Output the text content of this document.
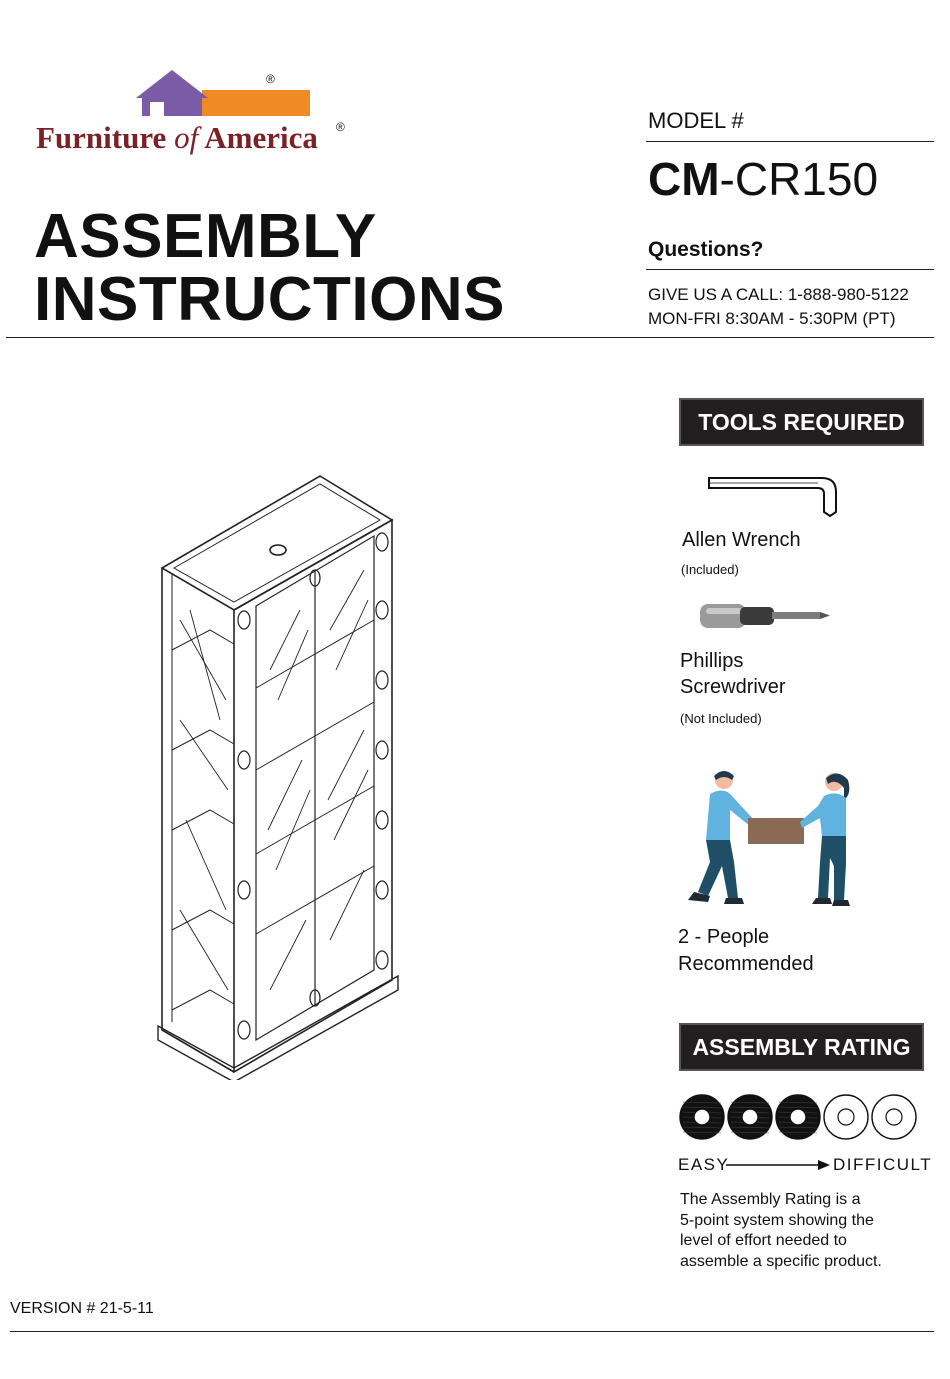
®
Furniture of America ®
ASSEMBLY
INSTRUCTIONS
MODEL #
CM-CR150
Questions?
GIVE US A CALL: 1-888-980-5122
MON-FRI 8:30AM - 5:30PM (PT)
TOOLS REQUIRED
Allen Wrench
(Included)
Phillips
Screwdriver
(Not Included)
2 - People
Recommended
ASSEMBLY RATING
EASY	DIFFICULT
The Assembly Rating is a
5-point system showing the
level of effort needed to
assemble a specific product.
VERSION # 21-5-11
